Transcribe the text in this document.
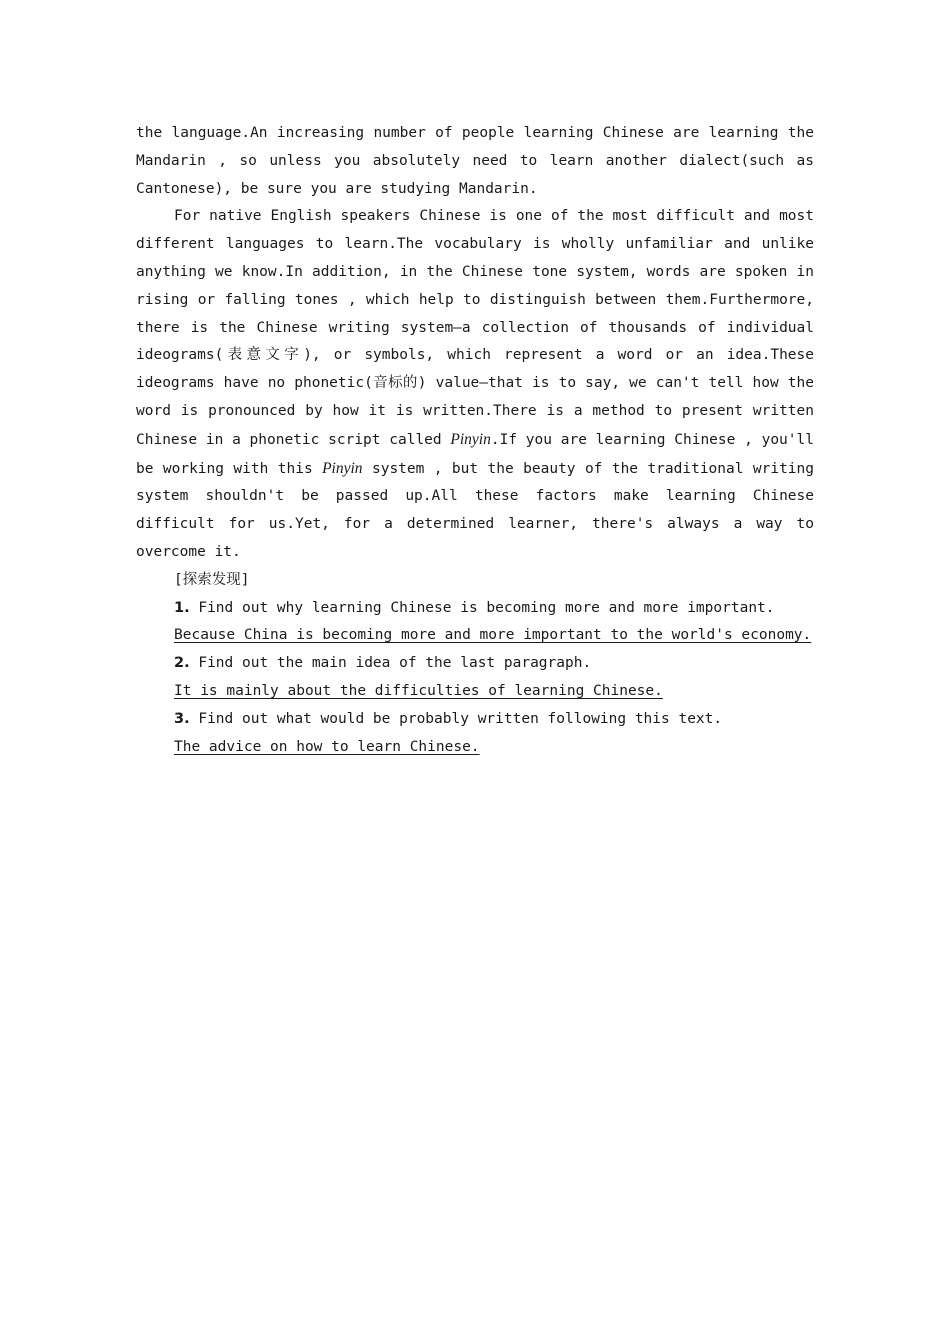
the language.An increasing number of people learning Chinese are learning the Mandarin , so unless you absolutely need to learn another dialect(such as Cantonese), be sure you are studying Mandarin.

For native English speakers Chinese is one of the most difficult and most different languages to learn.The vocabulary is wholly unfamiliar and unlike anything we know.In addition, in the Chinese tone system, words are spoken in rising or falling tones , which help to distinguish between them.Furthermore, there is the Chinese writing system—a collection of thousands of individual ideograms(表意文字), or symbols, which represent a word or an idea.These ideograms have no phonetic(音标的) value—that is to say, we can't tell how the word is pronounced by how it is written.There is a method to present written Chinese in a phonetic script called Pinyin.If you are learning Chinese , you'll be working with this Pinyin system , but the beauty of the traditional writing system shouldn't be passed up.All these factors make learning Chinese difficult for us.Yet, for a determined learner, there's always a way to overcome it.

[探索发现]
1. Find out why learning Chinese is becoming more and more important.
Because China is becoming more and more important to the world's economy.
2. Find out the main idea of the last paragraph.
It is mainly about the difficulties of learning Chinese.
3. Find out what would be probably written following this text.
The advice on how to learn Chinese.
